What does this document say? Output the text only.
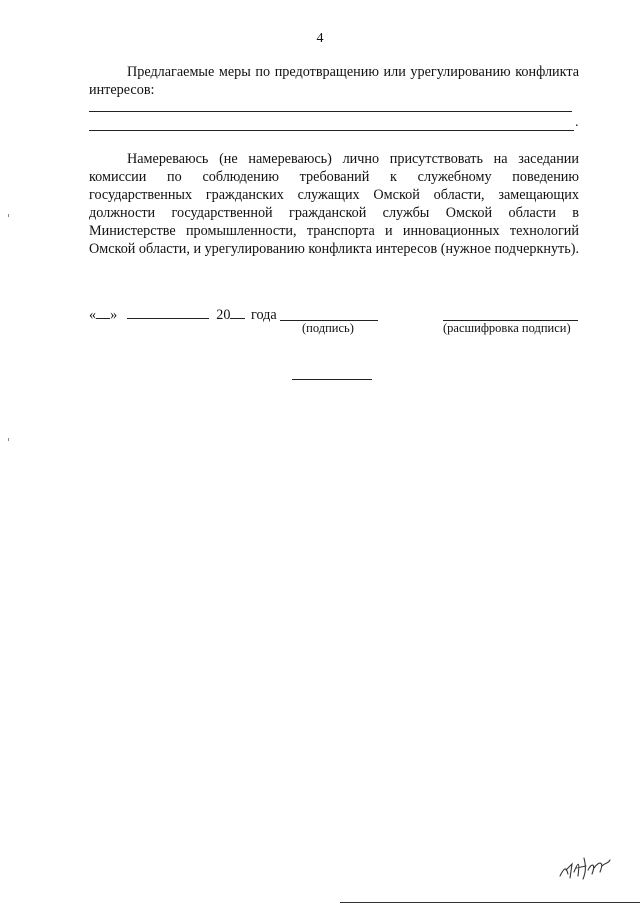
4
Предлагаемые меры по предотвращению или урегулированию конфликта интересов:
.
Намереваюсь (не намереваюсь) лично присутствовать на заседании комиссии по соблюдению требований к служебному поведению государственных гражданских служащих Омской области, замещающих должности государственной гражданской службы Омской области в Министерстве промышленности, транспорта и инновационных технологий Омской области, и урегулированию конфликта интересов (нужное подчеркнуть).
« »	20 года
(подпись)	(расшифровка подписи)
